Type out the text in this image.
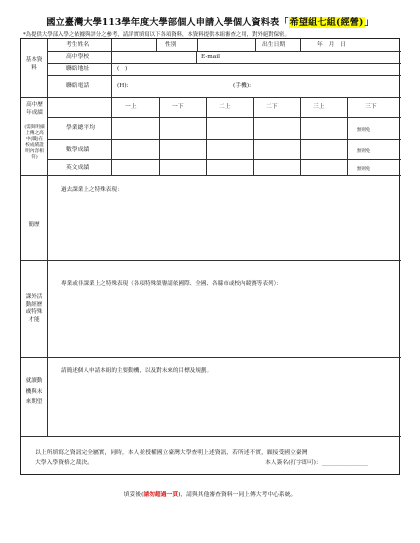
國立臺灣大學113學年度大學部個人申請入學個人資料表「希望組七組(經營)」
*為提供大學部入學之依據與評分之參考，請詳實填寫以下各項資料，本資料提供本組審查之用，對外絕對保密。
基本資料
考生姓名	性別	出生日期	年　月　日
高中學校	E-mail
聯絡地址	(　)
聯絡電話	(H):	(手機):
高中歷年成績
(需與明細上傳之高中(職)在校成績證明內容相符)
一上	一下	二上	二下	三上	三下
學業總平均	無則免
數學成績	無則免
英文成績	無則免
簡歷
過去課業上之特殊表現：
課外活動經歷或特殊才能
專業或非課業上之特殊表現（各項特殊榮譽請依國際、全國、各縣市或校內競賽等表列）：
就讀動機與未來期望
請簡述個人申請本組的主要動機，以及對未來的目標及規劃。
以上所填寫之資訊完全屬實，同時，本人並授權國立臺灣大學查明上述資訊，若所述不實，願接受國立臺灣
大學入學資格之裁決。	本人簽名(打字即可)：________________
填妥後(請勿超過一頁)，請與其他審查資料一同上傳大考中心系統。
